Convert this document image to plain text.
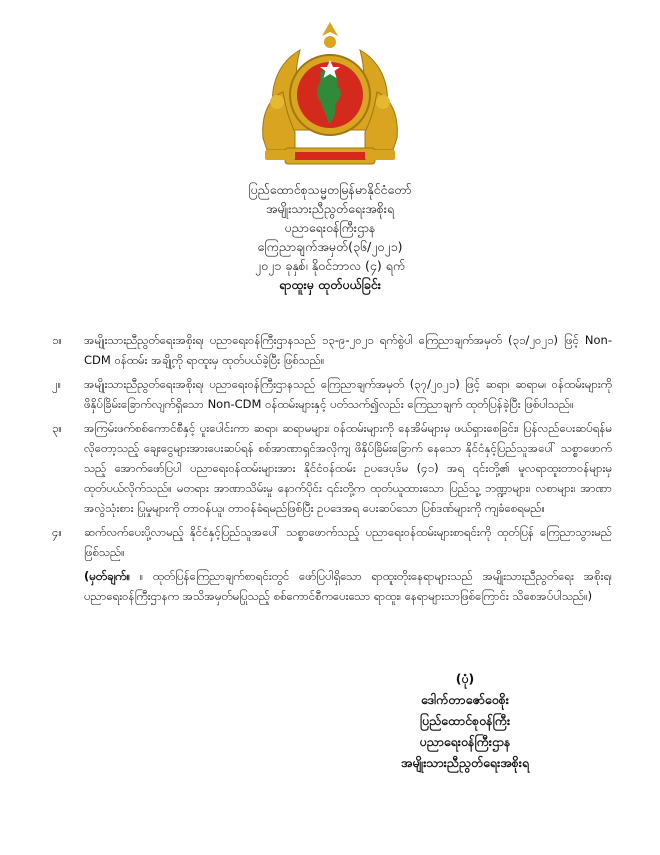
ပြည်ထောင်စုသမ္မတမြန်မာနိုင်ငံတော်
အမျိုးသားညီညွတ်ရေးအစိုးရ
ပညာရေးဝန်ကြီးဌာန
ကြေညာချက်အမှတ်(၃၆/၂၀၂၁)
၂၀၂၁ ခုနှစ်၊ နိုဝင်ဘာလ (၄) ရက်
ရာထူးမှ ထုတ်ပယ်ခြင်း
၁။	အမျိုးသားညီညွတ်ရေးအစိုးရ၊ ပညာရေးဝန်ကြီးဌာနသည် ၁၃-၉-၂၀၂၁ ရက်စွဲပါ ကြေညာချက်အမှတ် (၃၁/၂၀၂၁) ဖြင့် Non-CDM ဝန်ထမ်း အချို့ကို ရာထူးမှ ထုတ်ပယ်ခဲ့ပြီး ဖြစ်သည်။
၂။	အမျိုးသားညီညွတ်ရေးအစိုးရ၊ ပညာရေးဝန်ကြီးဌာနသည် ကြေညာချက်အမှတ် (၃၇/၂၀၂၁) ဖြင့် ဆရာ၊ ဆရာမ၊ ဝန်ထမ်းများကို ဖိနှိပ်ခြိမ်းခြောက်လျက်ရှိသော Non-CDM ဝန်ထမ်းများနှင့် ပတ်သက်၍လည်း ကြေညာချက် ထုတ်ပြန်ခဲ့ပြီး ဖြစ်ပါသည်။
၃။	အကြမ်းဖက်စစ်ကောင်စီနှင့် ပူးပေါင်းကာ ဆရာ၊ ဆရာမများ၊ ဝန်ထမ်းများကို နေအိမ်များမှ ဖယ်ရှားစေခြင်း၊ ပြန်လည်ပေးဆပ်ရန်မလိုတော့သည့် ချေးငွေများအားပေးဆပ်ရန် စစ်အာဏာရှင်အလိုကျ ဖိနှိပ်ခြိမ်းခြောက် နေသော နိုင်ငံနှင့်ပြည်သူအပေါ် သစ္စာဖောက်သည့် အောက်ဖော်ပြပါ ပညာရေးဝန်ထမ်းများအား နိုင်ငံဝန်ထမ်း ဥပဒေပုဒ်မ (၄၁) အရ ၎င်းတို့၏ မူလရာထူးတာဝန်များမှ ထုတ်ပယ်လိုက်သည်။ မတရား အာဏာသိမ်းမှု နောက်ပိုင်း ၎င်းတို့က ထုတ်ယူထားသော ပြည်သူ့ ဘဏ္ဍာများ၊ လစာများ၊ အာဏာအလွဲသုံးစား ပြုမှုများကို တာဝန်ယူ၊ တာဝန်ခံရမည်ဖြစ်ပြီး ဥပဒေအရ ပေးဆပ်သော ပြစ်ဒဏ်များကို ကျခံစေရမည်။
၄။	ဆက်လက်ပေးပို့လာမည့် နိုင်ငံနှင့်ပြည်သူအပေါ် သစ္စာဖောက်သည့် ပညာရေးဝန်ထမ်းများစာရင်းကို ထုတ်ပြန် ကြေညာသွားမည်ဖြစ်သည်။
(မှတ်ချက်။ ။ ထုတ်ပြန်ကြေညာချက်စာရင်းတွင် ဖော်ပြပါရှိသော ရာထူးတိုးနေရာများသည် အမျိုးသားညီညွတ်ရေး အစိုးရ၊ ပညာရေးဝန်ကြီးဌာနက အသိအမှတ်မပြုသည့် စစ်ကောင်စီကပေးသော ရာထူး၊ နေရာများသာဖြစ်ကြောင်း သိစေအပ်ပါသည်။)
(ပုံ)
ဒေါက်တာဇော်ဝေစိုး
ပြည်ထောင်စုဝန်ကြီး
ပညာရေးဝန်ကြီးဌာန
အမျိုးသားညီညွတ်ရေးအစိုးရ
